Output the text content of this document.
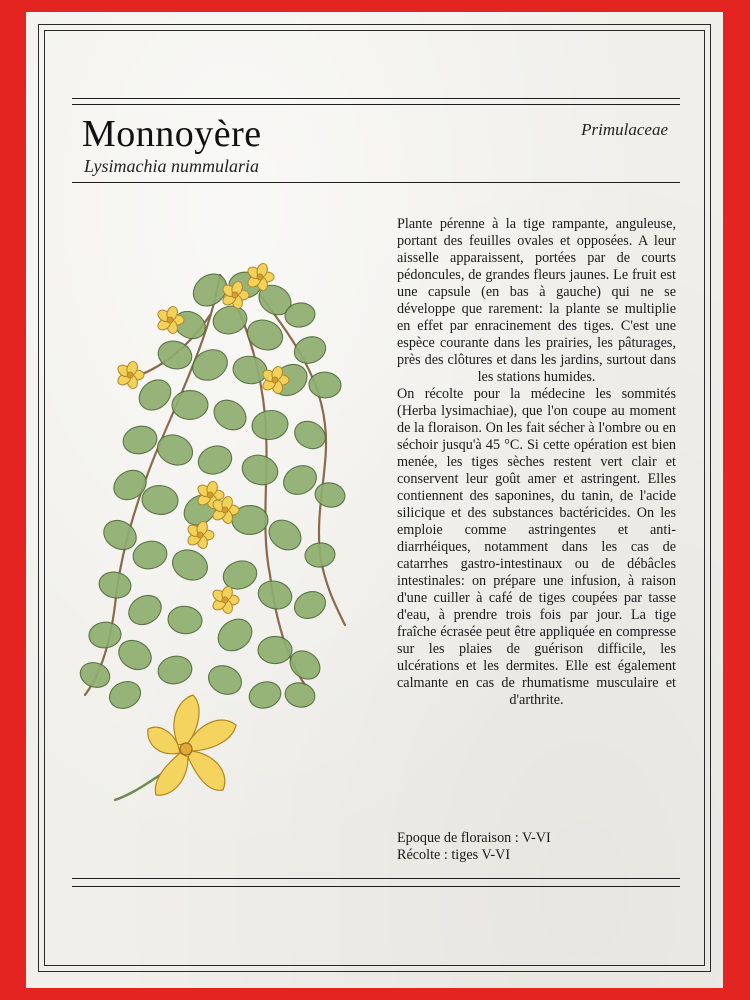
Monnoyère
Lysimachia nummularia
Primulaceae

Plante pérenne à la tige rampante, anguleuse, portant des feuilles ovales et opposées. A leur aisselle apparaissent, portées par de courts pédoncules, de grandes fleurs jaunes. Le fruit est une capsule (en bas à gauche) qui ne se développe que rarement: la plante se multiplie en effet par enracinement des tiges. C'est une espèce courante dans les prairies, les pâturages, près des clôtures et dans les jardins, surtout dans les stations humides.

On récolte pour la médecine les sommités (Herba lysimachiae), que l'on coupe au moment de la floraison. On les fait sécher à l'ombre ou en séchoir jusqu'à 45 °C. Si cette opération est bien menée, les tiges sèches restent vert clair et conservent leur goût amer et astringent. Elles contiennent des saponines, du tanin, de l'acide silicique et des substances bactéricides. On les emploie comme astringentes et anti-diarrhéiques, notamment dans les cas de catarrhes gastro-intestinaux ou de débâcles intestinales: on prépare une infusion, à raison d'une cuiller à café de tiges coupées par tasse d'eau, à prendre trois fois par jour. La tige fraîche écrasée peut être appliquée en compresse sur les plaies de guérison difficile, les ulcérations et les dermites. Elle est également calmante en cas de rhumatisme musculaire et d'arthrite.

Epoque de floraison : V-VI
Récolte : tiges V-VI
